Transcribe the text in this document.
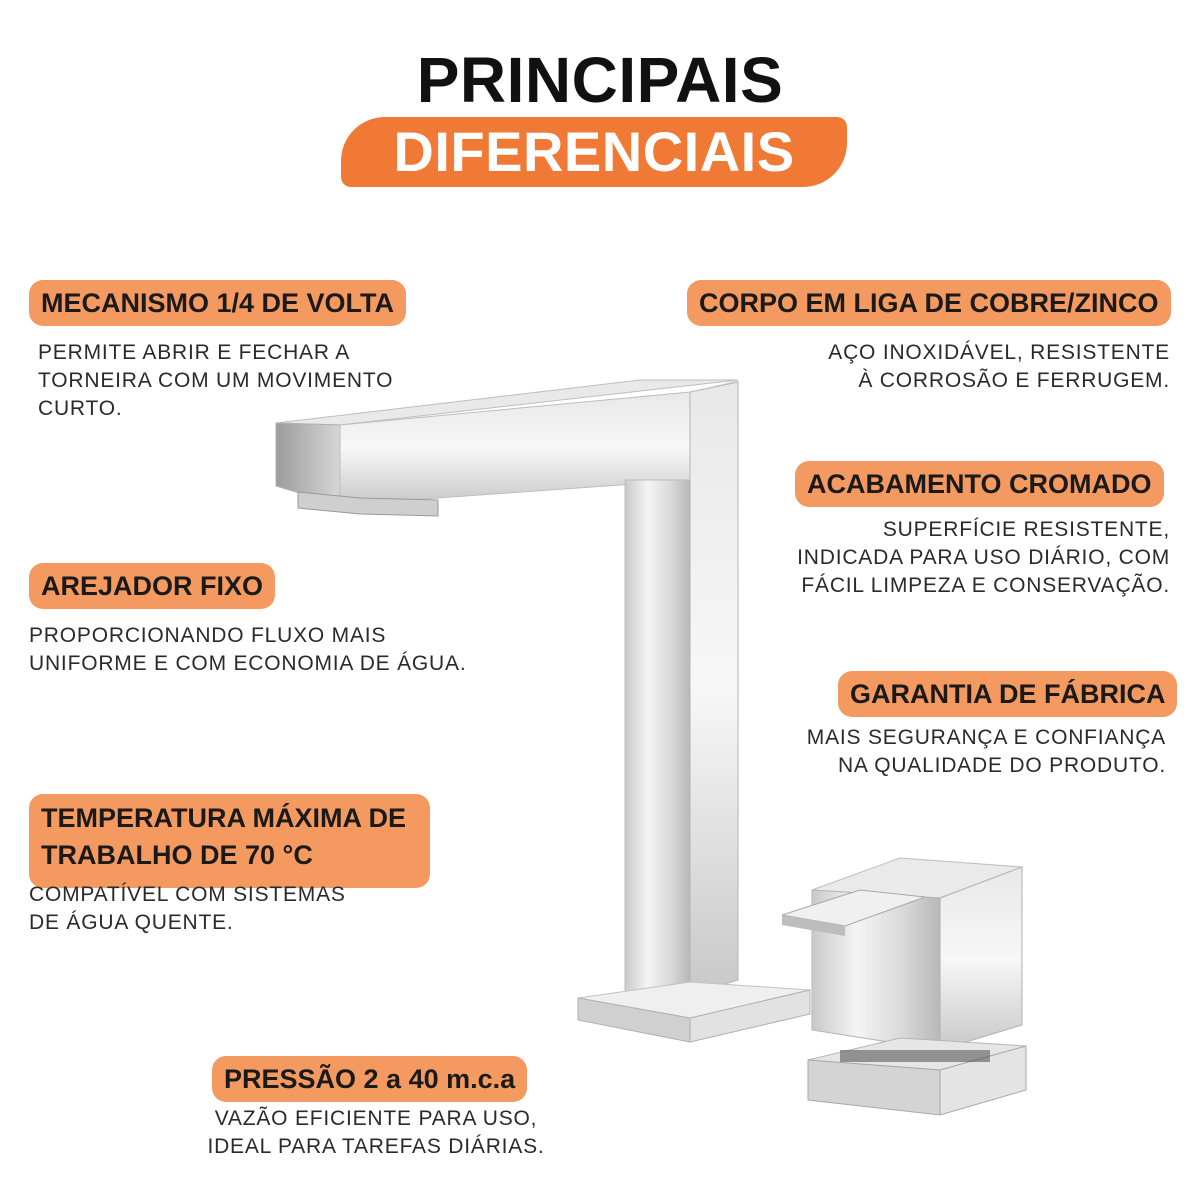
PRINCIPAIS
DIFERENCIAIS
MECANISMO 1/4 DE VOLTA
PERMITE ABRIR E FECHAR A
TORNEIRA COM UM MOVIMENTO
CURTO.
AREJADOR FIXO
PROPORCIONANDO FLUXO MAIS
UNIFORME E COM ECONOMIA DE ÁGUA.
TEMPERATURA MÁXIMA DE TRABALHO DE 70 °C
COMPATÍVEL COM SISTEMAS
DE ÁGUA QUENTE.
PRESSÃO 2 a 40 m.c.a
VAZÃO EFICIENTE PARA USO,
IDEAL PARA TAREFAS DIÁRIAS.
CORPO EM LIGA DE COBRE/ZINCO
AÇO INOXIDÁVEL, RESISTENTE
À CORROSÃO E FERRUGEM.
ACABAMENTO CROMADO
SUPERFÍCIE RESISTENTE,
INDICADA PARA USO DIÁRIO, COM
FÁCIL LIMPEZA E CONSERVAÇÃO.
GARANTIA DE FÁBRICA
MAIS SEGURANÇA E CONFIANÇA
NA QUALIDADE DO PRODUTO.
